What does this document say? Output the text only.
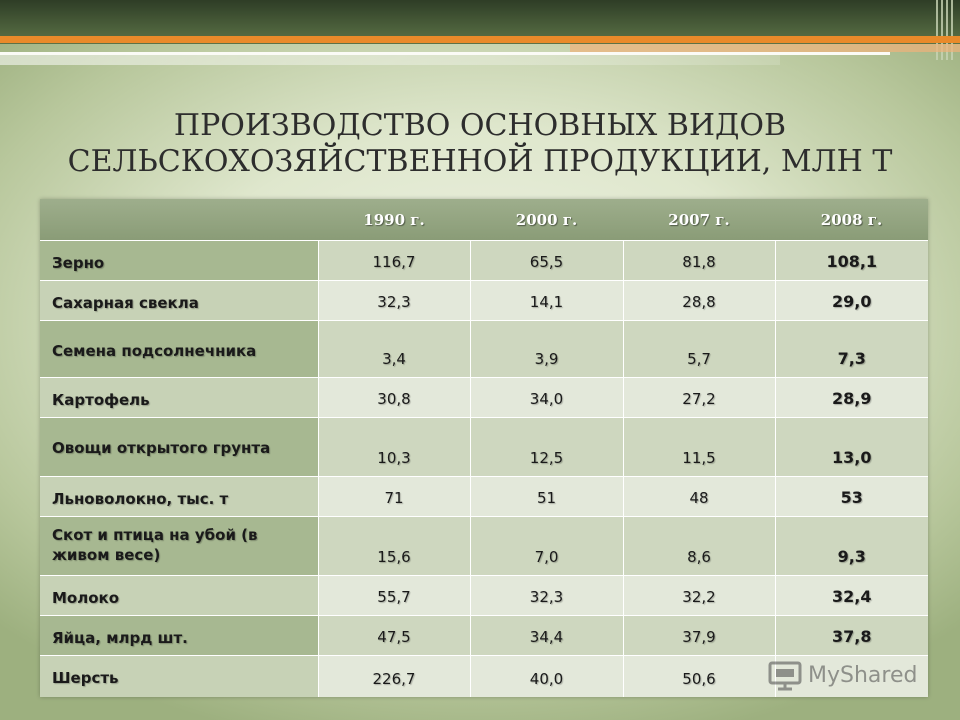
ПРОИЗВОДСТВО ОСНОВНЫХ ВИДОВ
СЕЛЬСКОХОЗЯЙСТВЕННОЙ ПРОДУКЦИИ, МЛН Т
	1990 г.	2000 г.	2007 г.	2008 г.
Зерно	116,7	65,5	81,8	108,1
Сахарная свекла	32,3	14,1	28,8	29,0
Семена подсолнечника	3,4	3,9	5,7	7,3
Картофель	30,8	34,0	27,2	28,9
Овощи открытого грунта	10,3	12,5	11,5	13,0
Льноволокно, тыс. т	71	51	48	53
Скот и птица на убой (в живом весе)	15,6	7,0	8,6	9,3
Молоко	55,7	32,3	32,2	32,4
Яйца, млрд шт.	47,5	34,4	37,9	37,8
Шерсть	226,7	40,0	50,6		MyShared
